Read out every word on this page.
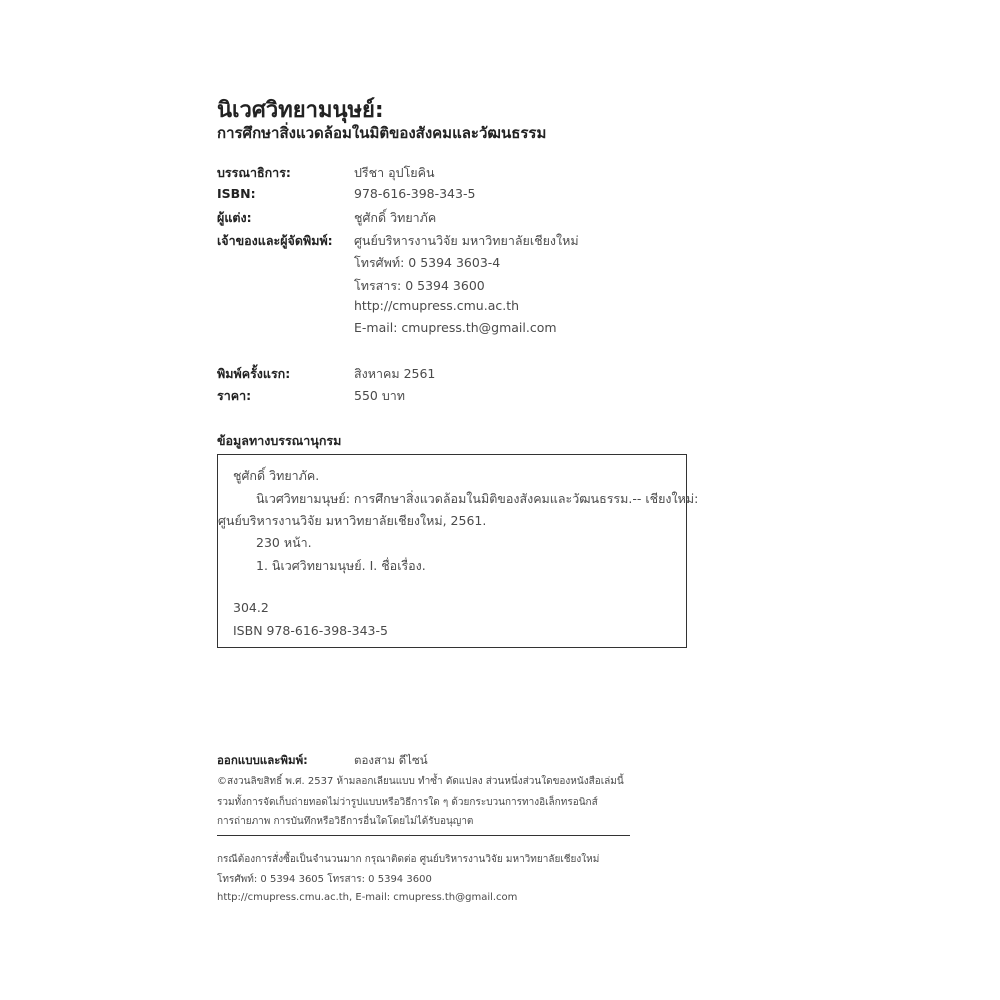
นิเวศวิทยามนุษย์:
การศึกษาสิ่งแวดล้อมในมิติของสังคมและวัฒนธรรม
บรรณาธิการ:	ปรีชา อุปโยคิน
ISBN:	978-616-398-343-5
ผู้แต่ง:	ชูศักดิ์ วิทยาภัค
เจ้าของและผู้จัดพิมพ์: ศูนย์บริหารงานวิจัย มหาวิทยาลัยเชียงใหม่
โทรศัพท์: 0 5394 3603-4
โทรสาร: 0 5394 3600
http://cmupress.cmu.ac.th
E-mail: cmupress.th@gmail.com
พิมพ์ครั้งแรก:	สิงหาคม 2561
ราคา:	550 บาท
ข้อมูลทางบรรณานุกรม
ชูศักดิ์ วิทยาภัค.
นิเวศวิทยามนุษย์: การศึกษาสิ่งแวดล้อมในมิติของสังคมและวัฒนธรรม.-- เชียงใหม่:
ศูนย์บริหารงานวิจัย มหาวิทยาลัยเชียงใหม่, 2561.
230 หน้า.
1. นิเวศวิทยามนุษย์. I. ชื่อเรื่อง.
304.2
ISBN 978-616-398-343-5
ออกแบบและพิมพ์:	ตองสาม ดีไซน์
©สงวนลิขสิทธิ์ พ.ศ. 2537 ห้ามลอกเลียนแบบ ทำซ้ำ ดัดแปลง ส่วนหนึ่งส่วนใดของหนังสือเล่มนี้
รวมทั้งการจัดเก็บถ่ายทอดไม่ว่ารูปแบบหรือวิธีการใด ๆ ด้วยกระบวนการทางอิเล็กทรอนิกส์
การถ่ายภาพ การบันทึกหรือวิธีการอื่นใดโดยไม่ได้รับอนุญาต
กรณีต้องการสั่งซื้อเป็นจำนวนมาก กรุณาติดต่อ ศูนย์บริหารงานวิจัย มหาวิทยาลัยเชียงใหม่
โทรศัพท์: 0 5394 3605 โทรสาร: 0 5394 3600
http://cmupress.cmu.ac.th, E-mail: cmupress.th@gmail.com
